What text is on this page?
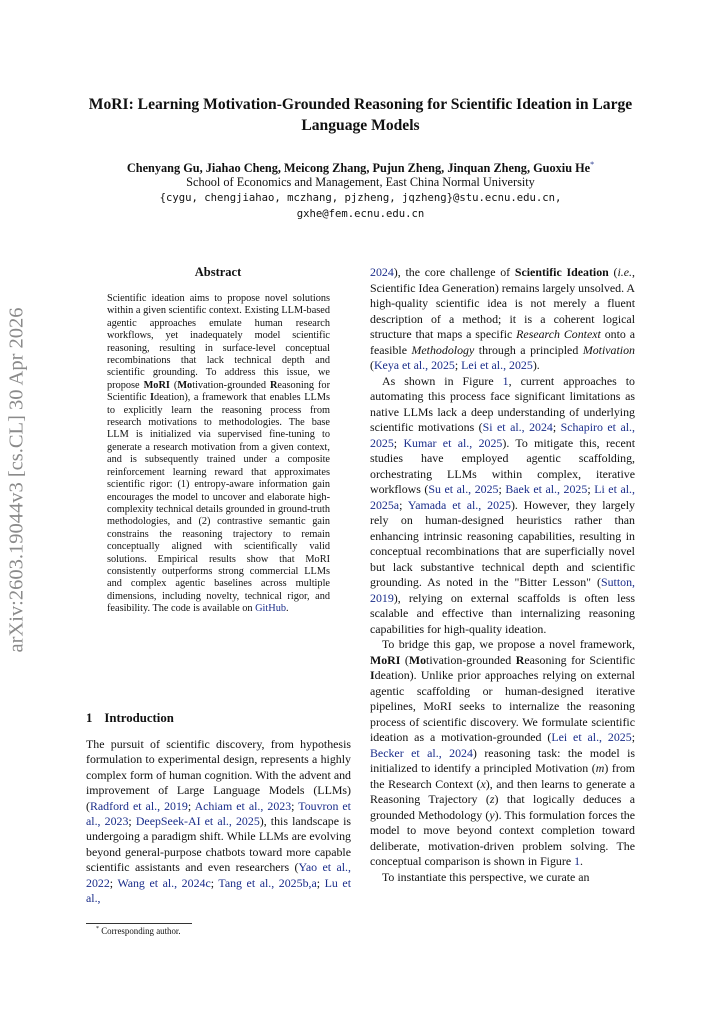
MoRI: Learning Motivation-Grounded Reasoning for Scientific Ideation in Large Language Models
Chenyang Gu, Jiahao Cheng, Meicong Zhang, Pujun Zheng, Jinquan Zheng, Guoxiu He*
School of Economics and Management, East China Normal University
{cygu, chengjiahao, mczhang, pjzheng, jqzheng}@stu.ecnu.edu.cn,
gxhe@fem.ecnu.edu.cn
arXiv:2603.19044v3 [cs.CL] 30 Apr 2026
Abstract

Scientific ideation aims to propose novel solutions within a given scientific context. Existing LLM-based agentic approaches emulate human research workflows, yet inadequately model scientific reasoning, resulting in surface-level conceptual recombinations that lack technical depth and scientific grounding. To address this issue, we propose MoRI (Motivation-grounded Reasoning for Scientific Ideation), a framework that enables LLMs to explicitly learn the reasoning process from research motivations to methodologies. The base LLM is initialized via supervised fine-tuning to generate a research motivation from a given context, and is subsequently trained under a composite reinforcement learning reward that approximates scientific rigor: (1) entropy-aware information gain encourages the model to uncover and elaborate high-complexity technical details grounded in ground-truth methodologies, and (2) contrastive semantic gain constrains the reasoning trajectory to remain conceptually aligned with scientifically valid solutions. Empirical results show that MoRI consistently outperforms strong commercial LLMs and complex agentic baselines across multiple dimensions, including novelty, technical rigor, and feasibility. The code is available on GitHub.

1 Introduction

The pursuit of scientific discovery, from hypothesis formulation to experimental design, represents a highly complex form of human cognition. With the advent and improvement of Large Language Models (LLMs) (Radford et al., 2019; Achiam et al., 2023; Touvron et al., 2023; DeepSeek-AI et al., 2025), this landscape is undergoing a paradigm shift. While LLMs are evolving beyond general-purpose chatbots toward more capable scientific assistants and even researchers (Yao et al., 2022; Wang et al., 2024c; Tang et al., 2025b,a; Lu et al.,

* Corresponding author.

2024), the core challenge of Scientific Ideation (i.e., Scientific Idea Generation) remains largely unsolved. A high-quality scientific idea is not merely a fluent description of a method; it is a coherent logical structure that maps a specific Research Context onto a feasible Methodology through a principled Motivation (Keya et al., 2025; Lei et al., 2025).

As shown in Figure 1, current approaches to automating this process face significant limitations as native LLMs lack a deep understanding of underlying scientific motivations (Si et al., 2024; Schapiro et al., 2025; Kumar et al., 2025). To mitigate this, recent studies have employed agentic scaffolding, orchestrating LLMs within complex, iterative workflows (Su et al., 2025; Baek et al., 2025; Li et al., 2025a; Yamada et al., 2025). However, they largely rely on human-designed heuristics rather than enhancing intrinsic reasoning capabilities, resulting in conceptual recombinations that are superficially novel but lack substantive technical depth and scientific grounding. As noted in the "Bitter Lesson" (Sutton, 2019), relying on external scaffolds is often less scalable and effective than internalizing reasoning capabilities for high-quality ideation.

To bridge this gap, we propose a novel framework, MoRI (Motivation-grounded Reasoning for Scientific Ideation). Unlike prior approaches relying on external agentic scaffolding or human-designed iterative pipelines, MoRI seeks to internalize the reasoning process of scientific discovery. We formulate scientific ideation as a motivation-grounded (Lei et al., 2025; Becker et al., 2024) reasoning task: the model is initialized to identify a principled Motivation (m) from the Research Context (x), and then learns to generate a Reasoning Trajectory (z) that logically deduces a grounded Methodology (y). This formulation forces the model to move beyond context completion toward deliberate, motivation-driven problem solving. The conceptual comparison is shown in Figure 1.

To instantiate this perspective, we curate an
